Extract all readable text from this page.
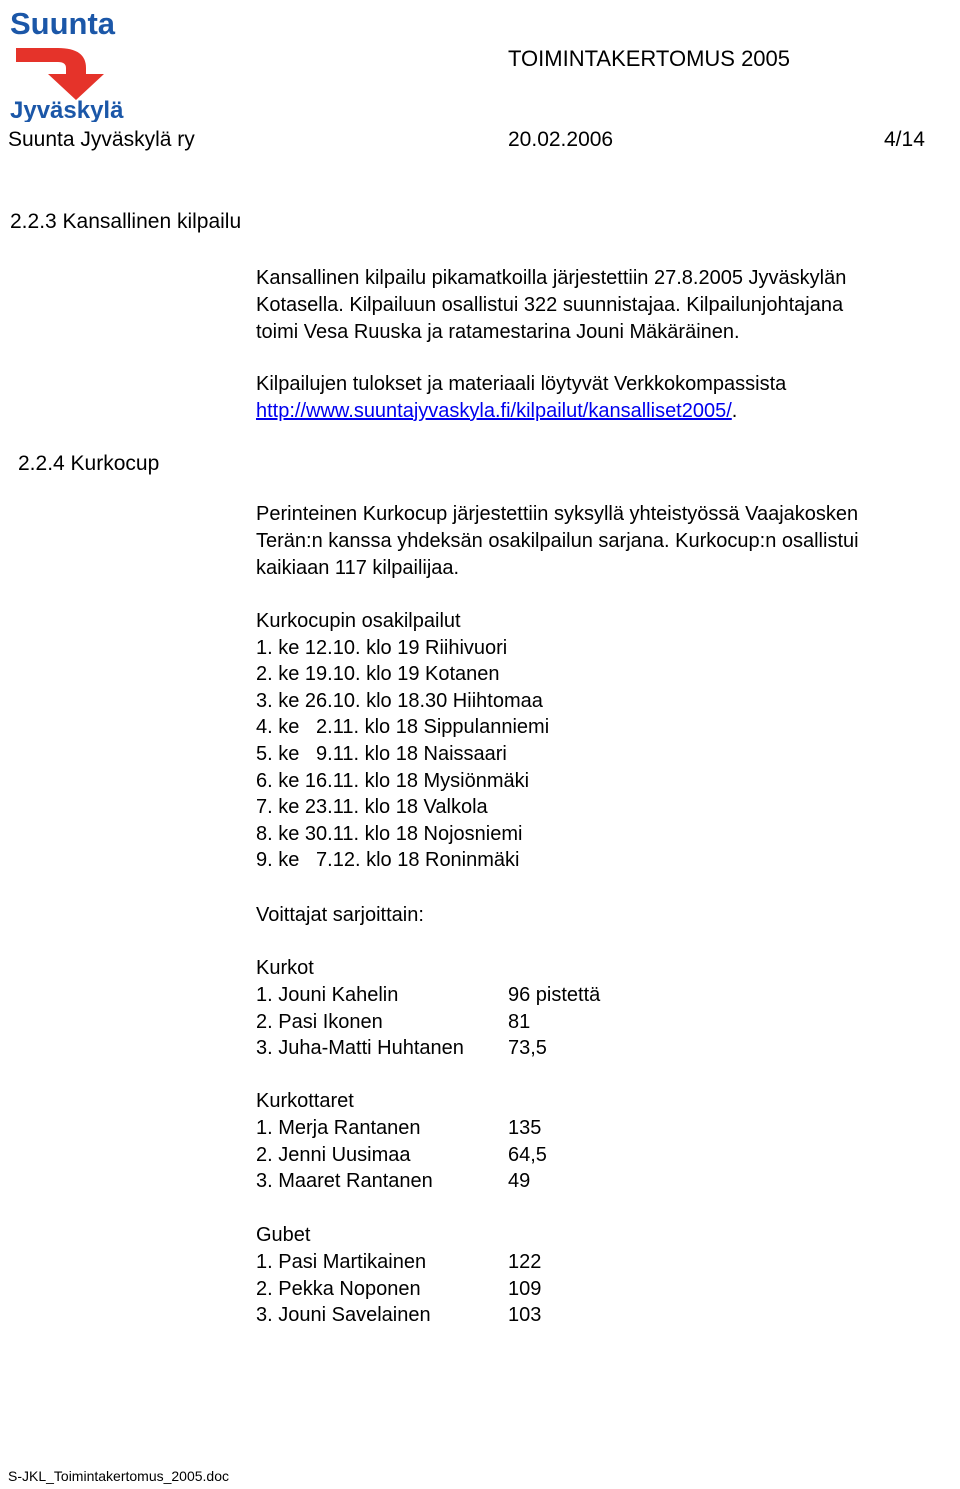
Suunta
Jyväskylä
TOIMINTAKERTOMUS 2005
Suunta Jyväskylä ry	20.02.2006	4/14
2.2.3 Kansallinen kilpailu
Kansallinen kilpailu pikamatkoilla järjestettiin 27.8.2005 Jyväskylän
Kotasella. Kilpailuun osallistui 322 suunnistajaa. Kilpailunjohtajana
toimi Vesa Ruuska ja ratamestarina Jouni Mäkäräinen.
Kilpailujen tulokset ja materiaali löytyvät Verkkokompassista
http://www.suuntajyvaskyla.fi/kilpailut/kansalliset2005/.
2.2.4 Kurkocup
Perinteinen Kurkocup järjestettiin syksyllä yhteistyössä Vaajakosken
Terän:n kanssa yhdeksän osakilpailun sarjana. Kurkocup:n osallistui
kaikiaan 117 kilpailijaa.
Kurkocupin osakilpailut
1. ke 12.10. klo 19 Riihivuori
2. ke 19.10. klo 19 Kotanen
3. ke 26.10. klo 18.30 Hiihtomaa
4. ke   2.11. klo 18 Sippulanniemi
5. ke   9.11. klo 18 Naissaari
6. ke 16.11. klo 18 Mysiönmäki
7. ke 23.11. klo 18 Valkola
8. ke 30.11. klo 18 Nojosniemi
9. ke   7.12. klo 18 Roninmäki
Voittajat sarjoittain:
Kurkot
1. Jouni Kahelin	96 pistettä
2. Pasi Ikonen	81
3. Juha-Matti Huhtanen	73,5
Kurkottaret
1. Merja Rantanen	135
2. Jenni Uusimaa	64,5
3. Maaret Rantanen	49
Gubet
1. Pasi Martikainen	122
2. Pekka Noponen	109
3. Jouni Savelainen	103
S-JKL_Toimintakertomus_2005.doc
